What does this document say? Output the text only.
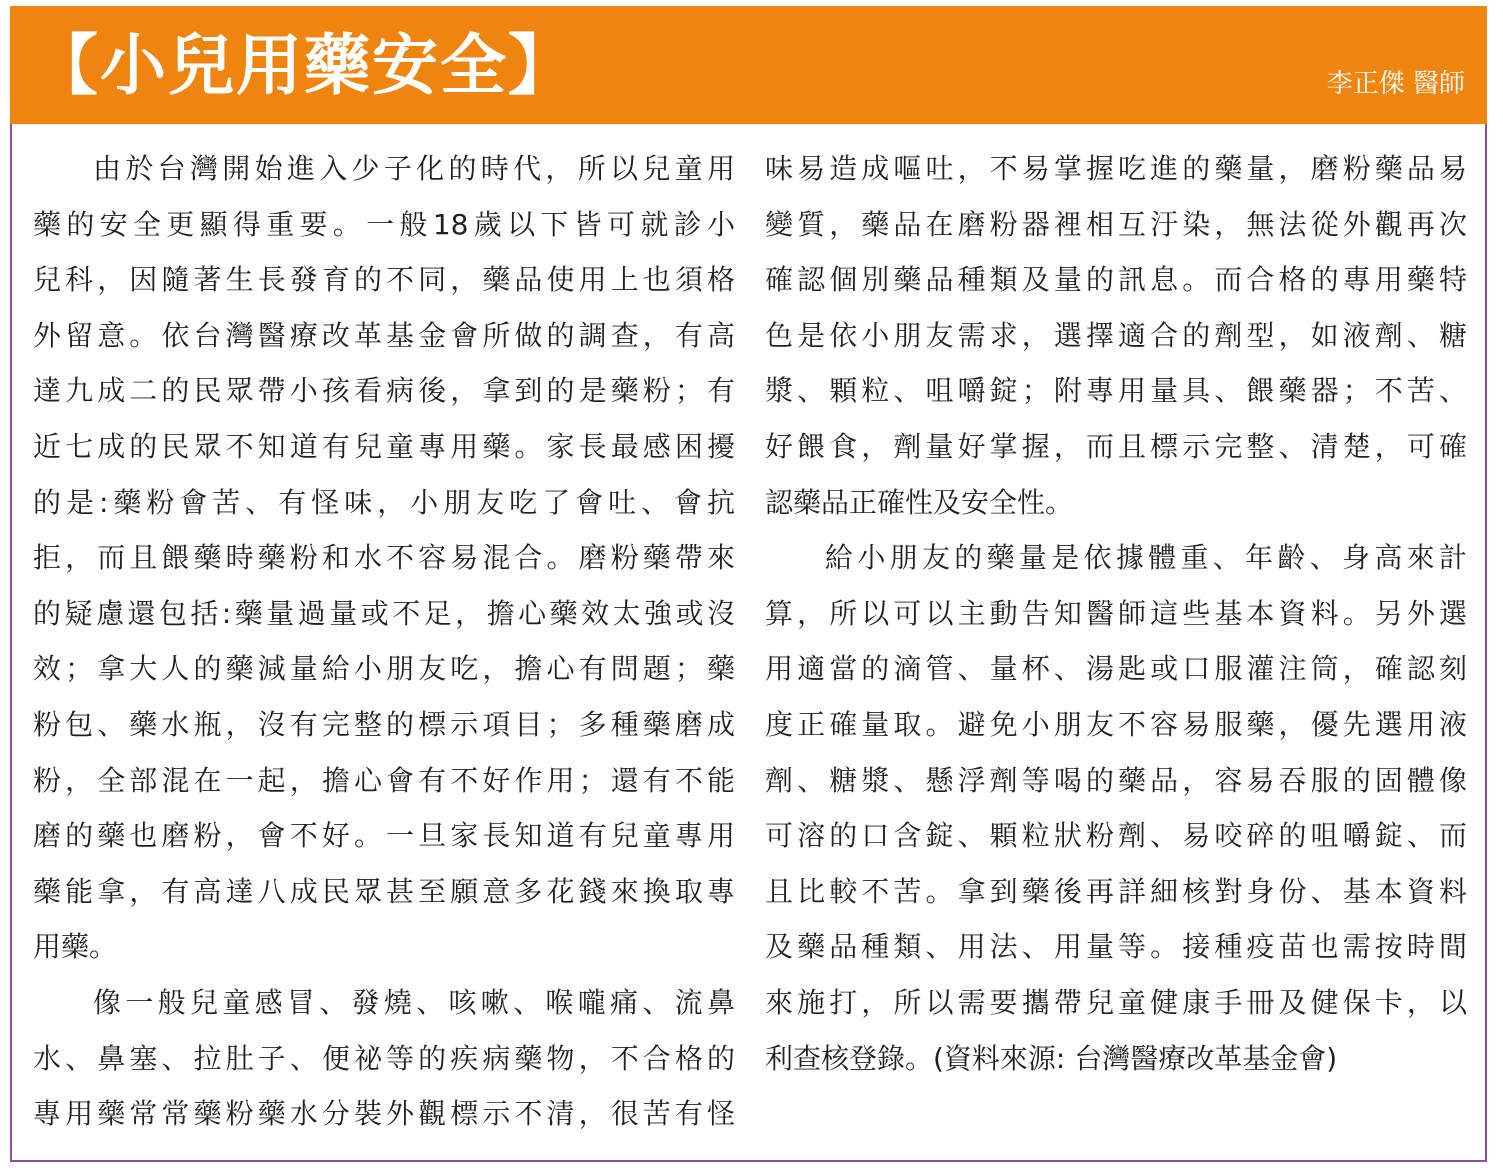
【小兒用藥安全】	李正傑 醫師
由於台灣開始進入少子化的時代，所以兒童用
藥的安全更顯得重要。一般18歲以下皆可就診小
兒科，因隨著生長發育的不同，藥品使用上也須格
外留意。依台灣醫療改革基金會所做的調查，有高
達九成二的民眾帶小孩看病後，拿到的是藥粉；有
近七成的民眾不知道有兒童專用藥。家長最感困擾
的是:藥粉會苦、有怪味，小朋友吃了會吐、會抗
拒，而且餵藥時藥粉和水不容易混合。磨粉藥帶來
的疑慮還包括:藥量過量或不足，擔心藥效太強或沒
效；拿大人的藥減量給小朋友吃，擔心有問題；藥
粉包、藥水瓶，沒有完整的標示項目；多種藥磨成
粉，全部混在一起，擔心會有不好作用；還有不能
磨的藥也磨粉，會不好。一旦家長知道有兒童專用
藥能拿，有高達八成民眾甚至願意多花錢來換取專
用藥。
像一般兒童感冒、發燒、咳嗽、喉嚨痛、流鼻
水、鼻塞、拉肚子、便祕等的疾病藥物，不合格的
專用藥常常藥粉藥水分裝外觀標示不清，很苦有怪
味易造成嘔吐，不易掌握吃進的藥量，磨粉藥品易
變質，藥品在磨粉器裡相互汙染，無法從外觀再次
確認個別藥品種類及量的訊息。而合格的專用藥特
色是依小朋友需求，選擇適合的劑型，如液劑、糖
漿、顆粒、咀嚼錠；附專用量具、餵藥器；不苦、
好餵食，劑量好掌握，而且標示完整、清楚，可確
認藥品正確性及安全性。
給小朋友的藥量是依據體重、年齡、身高來計
算，所以可以主動告知醫師這些基本資料。另外選
用適當的滴管、量杯、湯匙或口服灌注筒，確認刻
度正確量取。避免小朋友不容易服藥，優先選用液
劑、糖漿、懸浮劑等喝的藥品，容易吞服的固體像
可溶的口含錠、顆粒狀粉劑、易咬碎的咀嚼錠、而
且比較不苦。拿到藥後再詳細核對身份、基本資料
及藥品種類、用法、用量等。接種疫苗也需按時間
來施打，所以需要攜帶兒童健康手冊及健保卡，以
利查核登錄。(資料來源: 台灣醫療改革基金會)
